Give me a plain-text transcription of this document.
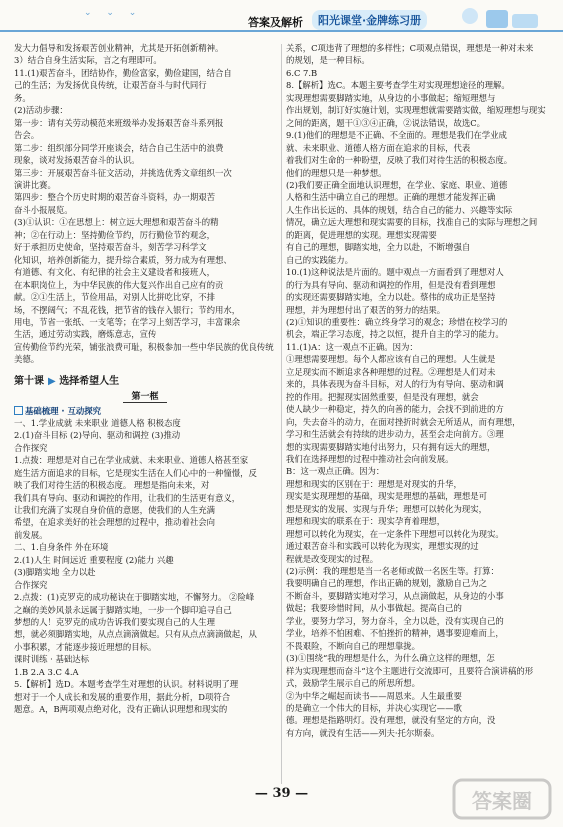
⌄ ⌄ ⌄
答案及解析	阳光课堂·金牌练习册

发大力倡导和发扬艰苦创业精神，尤其是开拓创新精神。

3）结合自身生活实际，言之有理即可。

11.(1)艰苦奋斗，团结协作，勤俭富家，勤俭建国，结合自

己的生活；为发扬优良传统，让艰苦奋斗与时代同行

务。

(2)活动步骤：

第一步：请有关劳动模范来班级举办发扬艰苦奋斗系列报

告会。

第二步：组织部分同学开座谈会，结合自己生活中的浪费

现象，谈对发扬艰苦奋斗的认识。

第三步：开展艰苦奋斗征文活动，并挑选优秀文章组织一次

演讲比赛。

第四步：整合个历史时期的艰苦奋斗资料，办一期艰苦

奋斗小报展览。

(3)①认识：①在思想上：树立远大理想和艰苦奋斗的精

神；②在行动上：坚持勤俭节约，厉行勤俭节约观念，

好于承担历史使命，坚持艰苦奋斗，刻苦学习科学文

化知识，培养创新能力，提升综合素质，努力成为有理想、

有道德、有文化、有纪律的社会主义建设者和接班人，

在本职岗位上，为中华民族的伟大复兴作出自己应有的贡

献。②①生活上，节俭用品，对别人比拼吃比穿，不排

场，不摆阔气；不乱花钱，把节省的钱存入银行；节约用水，

用电，节省一张纸、一支笔等；在学习上刻苦学习，丰富课余

生活，通过劳动实践，磨炼意志，宣传

宣传勤俭节约光荣，铺张浪费可耻，积极参加一些中华民族的优良传统

美德。

第十课 ▶ 选择希望人生
第一框
基础梳理 · 互动探究

一、1.学业成就 未来职业 道德人格 积极态度

2.(1)奋斗目标 (2)导向、驱动和调控 (3)推动

合作探究

1.点拨：理想是对自己在学业成就、未来职业、道德人格甚至家

庭生活方面追求的目标，它是现实生活在人们心中的一种憧憬，反

映了我们对待生活的积极态度。 理想是指向未来，对

我们具有导向、驱动和调控的作用，让我们的生活更有意义，

让我们充满了实现自身价值的意愿，使我们的人生充满

希望，在追求美好的社会理想的过程中，推动着社会向

前发展。

二、1.自身条件 外在环境

2.(1)人生 时间远近 重要程度 (2)能力 兴趣

(3)脚踏实地 全力以赴

合作探究

2.点拨：(1)克罗克的成功秘诀在于脚踏实地，不懈努力。 ②险峰

之巅的美妙风景永远属于脚踏实地，一步一个脚印追寻自己

梦想的人！克罗克的成功告诉我们要实现自己的人生理

想，就必须脚踏实地，从点点滴滴做起。只有从点点滴滴做起，从

小事积累，才能逐步接近理想的目标。

课时训练 · 基础达标

1.B 2.A 3.C 4.A

5.【解析】选D。本题考查学生对理想的认识。材料说明了理

想对于一个人成长和发展的重要作用，据此分析，D项符合

题意。A，B两项观点绝对化，没有正确认识理想和现实的

关系，C项违背了理想的多样性；C项观点错误，理想是一种对未来

的规划，是一种目标。

6.C 7.B

8.【解析】选C。本题主要考查学生对实现理想途径的理解。

实现理想需要脚踏实地，从身边的小事做起；缩短理想与

作出规划，制订好实施计划，实现理想就需要踏实做，缩短理想与现实

之间的距离，题干①③④正确，②说法错误，故选C。

9.(1)他们的理想是不正确、不全面的。理想是我们在学业成

就、未来职业、道德人格方面在追求的目标，代表

着我们对生命的一种盼望，反映了我们对待生活的积极态度。

他们的理想只是一种梦想。

(2)我们要正确全面地认识理想，在学业、家庭、职业、道德

人格和生活中确立自己的理想。正确的理想才能发挥正确

人生作出长远的、具体的规划，结合自己的能力、兴趣等实际

情况，确立远大理想和现实需要的目标，找准自己的实际与理想之间

的距离，促进理想的实现。理想实现需要

有自己的理想，脚踏实地，全力以赴，不断增强自

自己的实践能力。

10.(1)这种说法是片面的。题中观点一方面看到了理想对人

的行为具有导向、驱动和调控的作用，但是没有看到理想

的实现还需要脚踏实地，全力以赴。蔡伟的成功正是坚持

理想，并为理想付出了艰苦的努力的结果。

(2)①知识的重要性：确立终身学习的观念；珍惜在校学习的

机会，端正学习态度，持之以恒，提升自主的学习的能力。

11.(1)A：这一观点不正确。因为：

①理想需要理想。每个人都应该有自己的理想。人生就是

立足现实而不断追求各种理想的过程。②理想是人们对未

来的，具体表现为奋斗目标，对人的行为有导向、驱动和调

控的作用。把握现实固然重要，但是没有理想，就会

使人缺少一种稳定，持久的向善的能力，会找不到前进的方

向，失去奋斗的动力，在面对挫折时就会无所适从，而有理想，

学习和生活就会有持续的进步动力，甚至会走向前方。③理

想的实现需要脚踏实地付出努力，只有拥有远大的理想，

我们在选择理想的过程中推动社会向前发展。

B：这一观点正确。因为：

理想和现实的区别在于：理想是对现实的升华，

现实是实现理想的基础，现实是理想的基础，理想是可

想是现实的发展、实现与升华；理想可以转化为现实，

理想和现实的联系在于：现实孕育着理想，

理想可以转化为现实，在一定条件下理想可以转化为现实。

通过艰苦奋斗和实践可以转化为现实，理想实现的过

程就是改变现实的过程。

(2)示例：我的理想是当一名老师或做一名医生等。打算：

我要明确自己的理想，作出正确的规划，激励自己为之

不断奋斗，要脚踏实地对学习，从点滴做起，从身边的小事

做起；我要珍惜时间，从小事做起。提高自己的

学业，要努力学习，努力奋斗，全力以赴，没有实现自己的

学业，培养不怕困难、不怕挫折的精神，遇事要迎难而上，

不畏艰险，不断向自己的理想靠拢。

(3)①围绕“我的理想是什么，为什么确立这样的理想，怎

样为实现理想而奋斗”这个主题进行交流即可，且要符合演讲稿的形

式，鼓励学生展示自己的所思所想。

②为中华之崛起而读书——周恩来。人生最重要

的是确立一个伟大的目标，并决心实现它——歌

德。理想是指路明灯。没有理想，就没有坚定的方向，没

有方向，就没有生活——列夫·托尔斯泰。

— 39 —	答案圈
